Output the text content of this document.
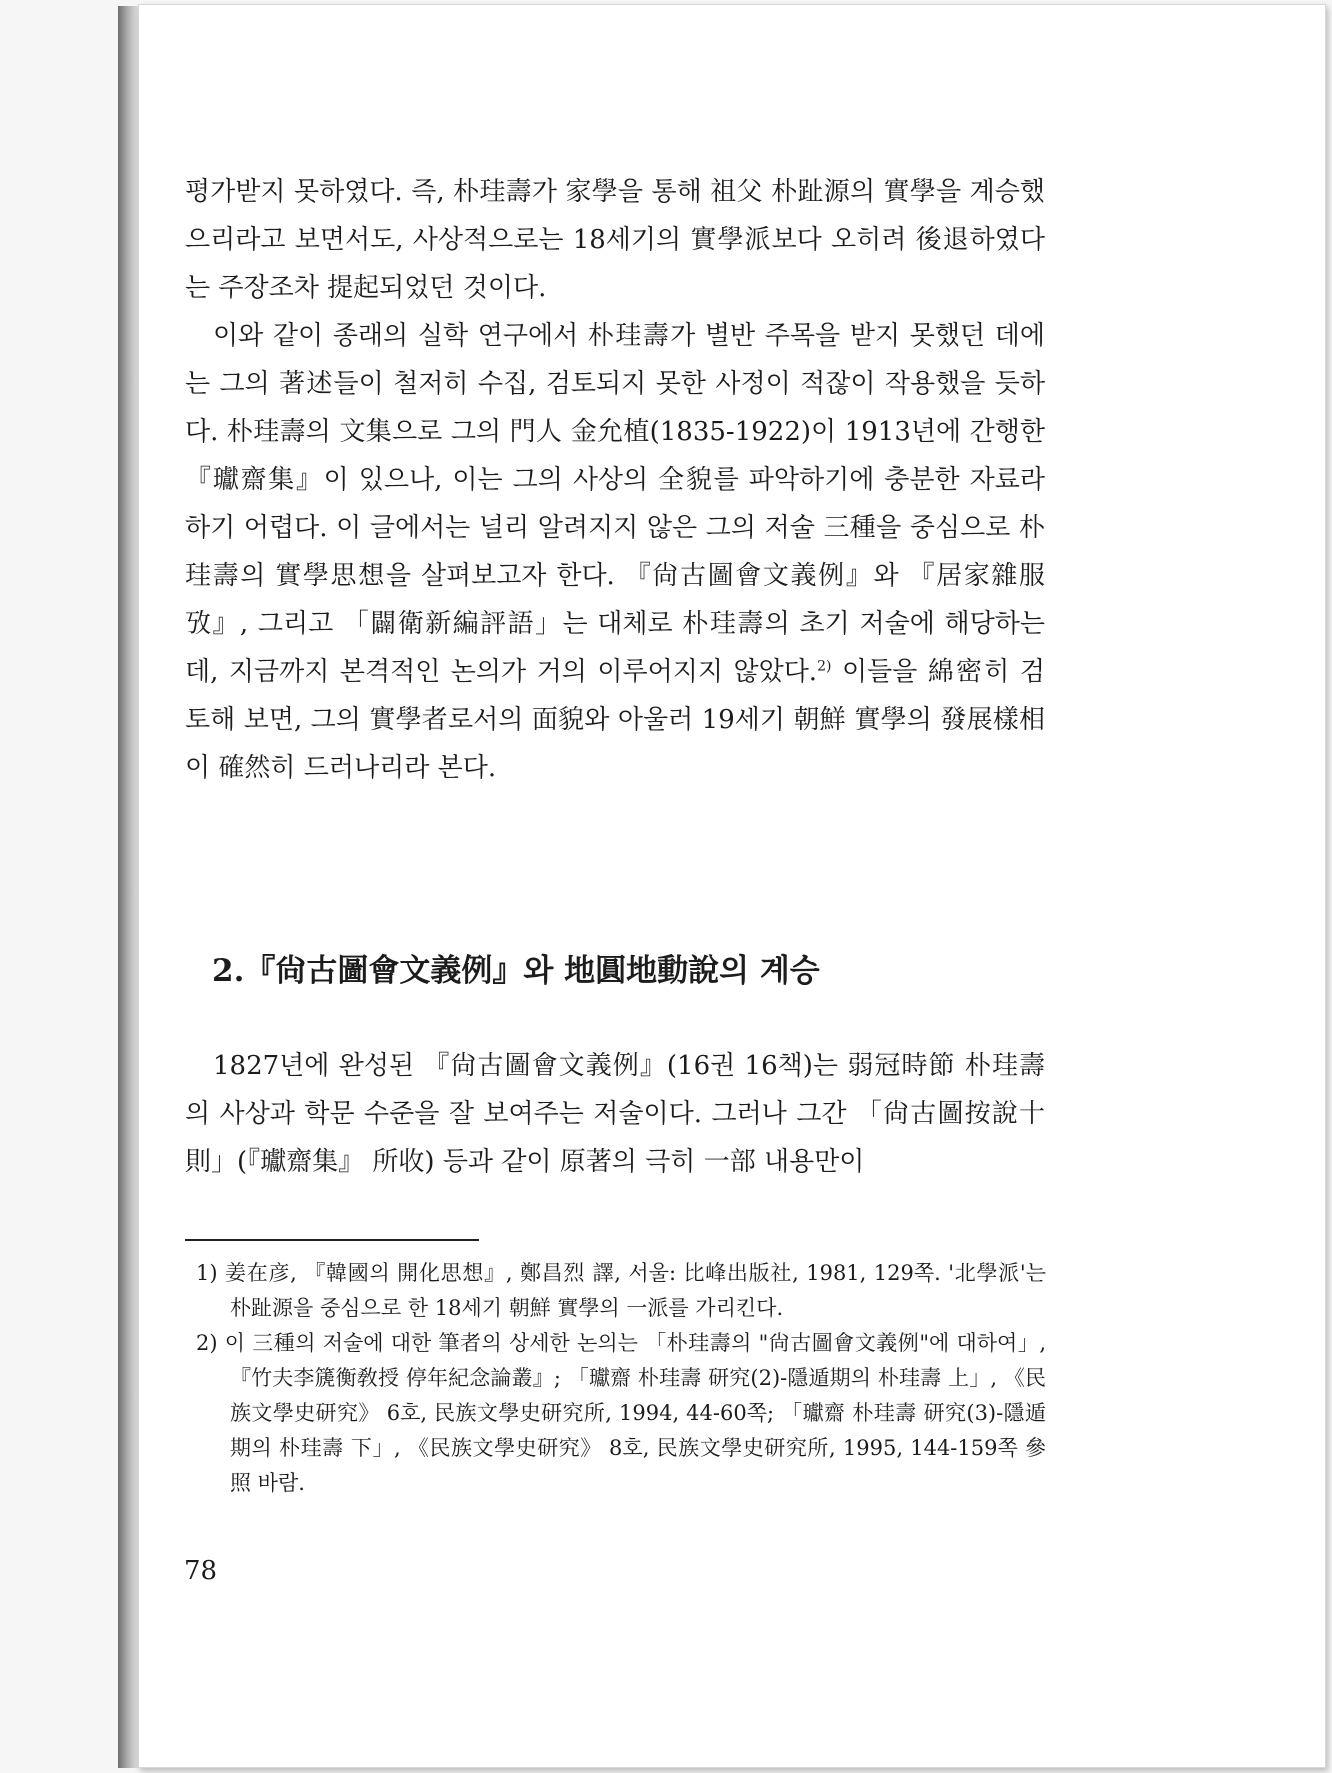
평가받지 못하였다. 즉, 朴珪壽가 家學을 통해 祖父 朴趾源의 實學을 계승했으리라고 보면서도, 사상적으로는 18세기의 實學派보다 오히려 後退하였다는 주장조차 提起되었던 것이다.

이와 같이 종래의 실학 연구에서 朴珪壽가 별반 주목을 받지 못했던 데에는 그의 著述들이 철저히 수집, 검토되지 못한 사정이 적잖이 작용했을 듯하다. 朴珪壽의 文集으로 그의 門人 金允植(1835-1922)이 1913년에 간행한 『瓛齋集』이 있으나, 이는 그의 사상의 全貌를 파악하기에 충분한 자료라 하기 어렵다. 이 글에서는 널리 알려지지 않은 그의 저술 三種을 중심으로 朴珪壽의 實學思想을 살펴보고자 한다. 『尙古圖會文義例』와 『居家雜服攷』, 그리고 「闢衛新編評語」는 대체로 朴珪壽의 초기 저술에 해당하는데, 지금까지 본격적인 논의가 거의 이루어지지 않았다.$^{2)}$ 이들을 綿密히 검토해 보면, 그의 實學者로서의 面貌와 아울러 19세기 朝鮮 實學의 發展樣相이 確然히 드러나리라 본다.

2.『尙古圖會文義例』와 地圓地動說의 계승

1827년에 완성된 『尙古圖會文義例』(16권 16책)는 弱冠時節 朴珪壽의 사상과 학문 수준을 잘 보여주는 저술이다. 그러나 그간 「尙古圖按說十則」(『瓛齋集』 所收) 등과 같이 原著의 극히 一部 내용만이

1) 姜在彦, 『韓國의 開化思想』, 鄭昌烈 譯, 서울: 比峰出版社, 1981, 129쪽. '北學派'는 朴趾源을 중심으로 한 18세기 朝鮮 實學의 一派를 가리킨다.

2) 이 三種의 저술에 대한 筆者의 상세한 논의는 「朴珪壽의 "尙古圖會文義例"에 대하여」, 『竹夫李篪衡敎授 停年紀念論叢』; 「瓛齋 朴珪壽 研究(2)-隱遁期의 朴珪壽 上」, 《民族文學史研究》 6호, 民族文學史研究所, 1994, 44-60쪽; 「瓛齋 朴珪壽 研究(3)-隱遁期의 朴珪壽 下」, 《民族文學史研究》 8호, 民族文學史研究所, 1995, 144-159쪽 參照 바람.

78
